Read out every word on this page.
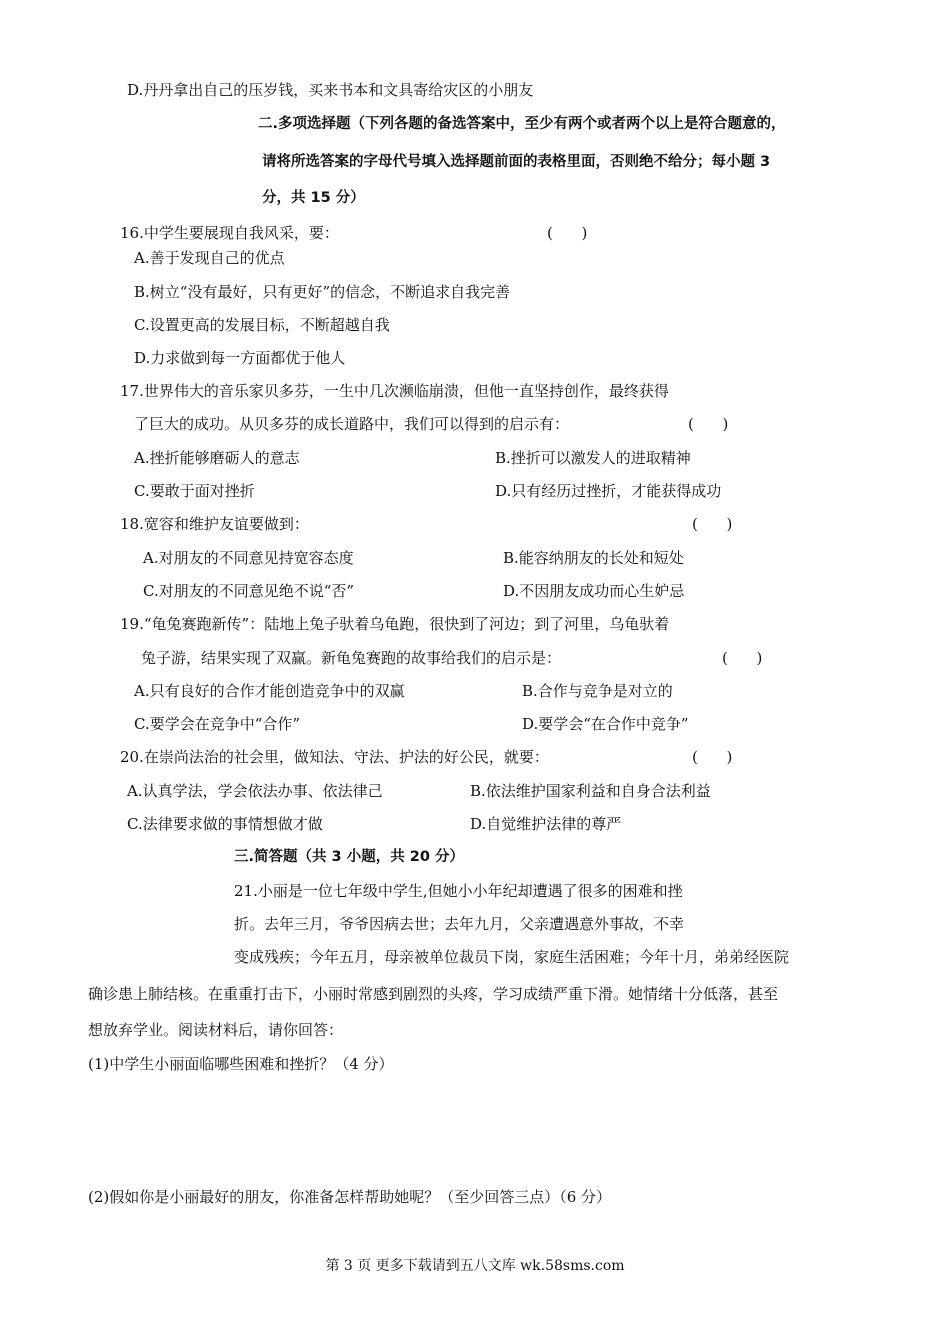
D.丹丹拿出自己的压岁钱，买来书本和文具寄给灾区的小朋友
二.多项选择题（下列各题的备选答案中，至少有两个或者两个以上是符合题意的，
请将所选答案的字母代号填入选择题前面的表格里面，否则绝不给分；每小题 3
分，共 15 分）
16.中学生要展现自我风采，要：	(      )
A.善于发现自己的优点
B.树立“没有最好，只有更好”的信念，不断追求自我完善
C.设置更高的发展目标，不断超越自我
D.力求做到每一方面都优于他人
17.世界伟大的音乐家贝多芬，一生中几次濒临崩溃，但他一直坚持创作，最终获得
了巨大的成功。从贝多芬的成长道路中，我们可以得到的启示有：	(      )
A.挫折能够磨砺人的意志	B.挫折可以激发人的进取精神
C.要敢于面对挫折	D.只有经历过挫折，才能获得成功
18.宽容和维护友谊要做到：	(      )
A.对朋友的不同意见持宽容态度	B.能容纳朋友的长处和短处
C.对朋友的不同意见绝不说“否”	D.不因朋友成功而心生妒忌
19.“龟兔赛跑新传”：陆地上兔子驮着乌龟跑，很快到了河边；到了河里，乌龟驮着
兔子游，结果实现了双赢。新龟兔赛跑的故事给我们的启示是：	(      )
A.只有良好的合作才能创造竞争中的双赢	B.合作与竞争是对立的
C.要学会在竞争中“合作”	D.要学会“在合作中竞争”
20.在崇尚法治的社会里，做知法、守法、护法的好公民，就要：	(      )
A.认真学法，学会依法办事、依法律己	B.依法维护国家利益和自身合法利益
C.法律要求做的事情想做才做	D.自觉维护法律的尊严
三.简答题（共 3 小题，共 20 分）
21.小丽是一位七年级中学生,但她小小年纪却遭遇了很多的困难和挫
折。去年三月，爷爷因病去世；去年九月，父亲遭遇意外事故，不幸
变成残疾；今年五月，母亲被单位裁员下岗，家庭生活困难；今年十月，弟弟经医院
确诊患上肺结核。在重重打击下，小丽时常感到剧烈的头疼，学习成绩严重下滑。她情绪十分低落，甚至
想放弃学业。阅读材料后，请你回答：
(1)中学生小丽面临哪些困难和挫折？（4 分）
(2)假如你是小丽最好的朋友，你准备怎样帮助她呢？（至少回答三点）（6 分）
第 3 页 更多下载请到五八文库 wk.58sms.com
